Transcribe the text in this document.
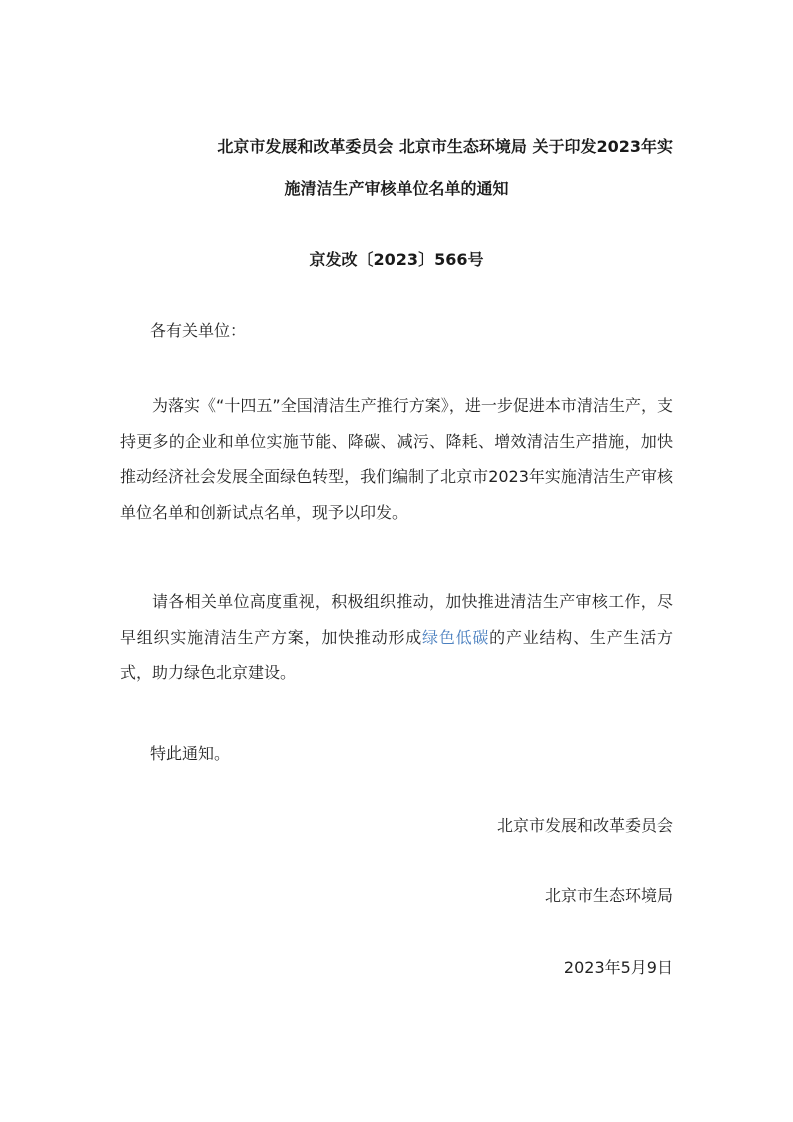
北京市发展和改革委员会 北京市生态环境局 关于印发2023年实
施清洁生产审核单位名单的通知
京发改〔2023〕566号
各有关单位：

为落实《“十四五”全国清洁生产推行方案》，进一步促进本市清洁生产，支持更多的企业和单位实施节能、降碳、减污、降耗、增效清洁生产措施，加快推动经济社会发展全面绿色转型，我们编制了北京市2023年实施清洁生产审核单位名单和创新试点名单，现予以印发。

请各相关单位高度重视，积极组织推动，加快推进清洁生产审核工作，尽早组织实施清洁生产方案，加快推动形成绿色低碳的产业结构、生产生活方式，助力绿色北京建设。

特此通知。
北京市发展和改革委员会
北京市生态环境局
2023年5月9日
